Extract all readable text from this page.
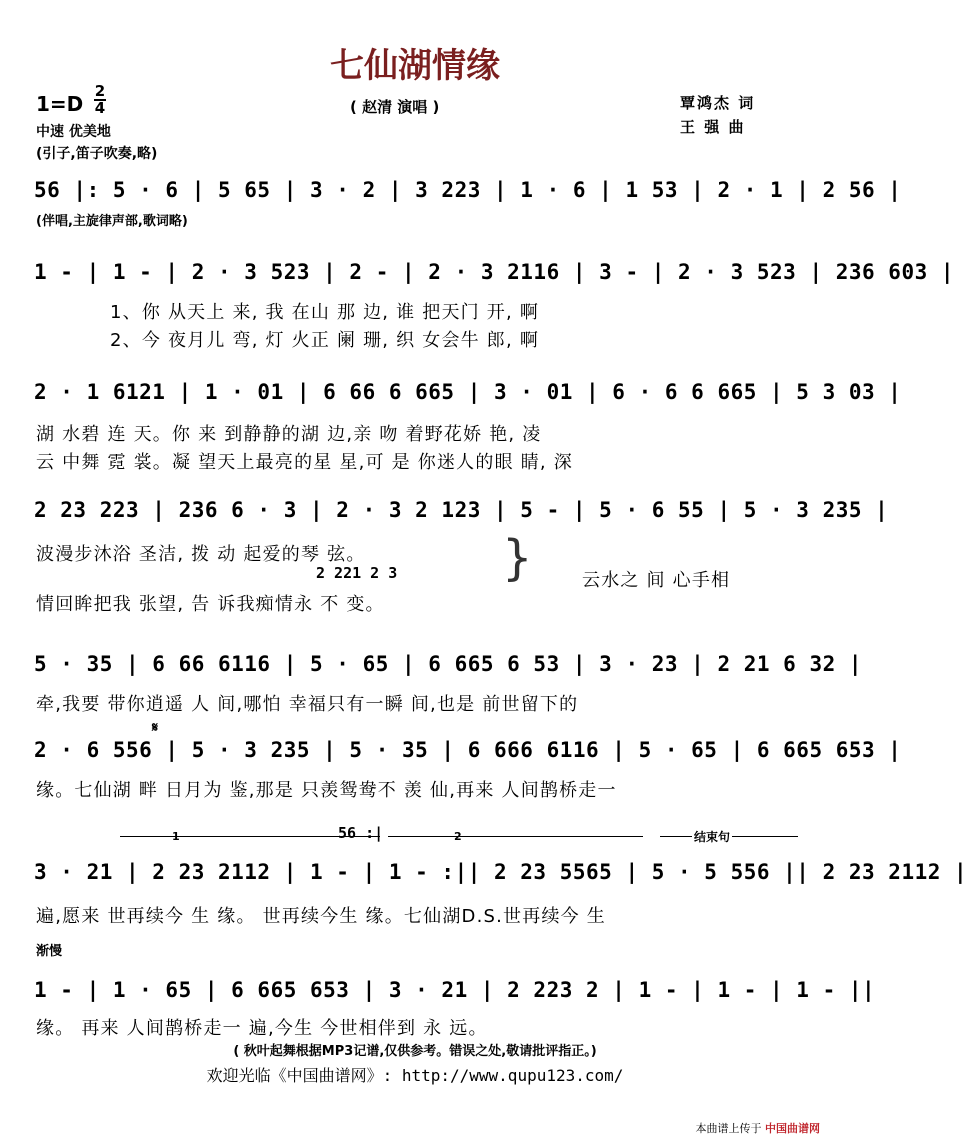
七仙湖情缘
1=D
2
4	( 赵清 演唱 )	覃鸿杰 词
王 强 曲
中速 优美地
(引子,笛子吹奏,略)
56 |: 5 · 6 | 5 65 | 3 · 2 | 3 223 | 1 · 6 | 1 53 | 2 · 1 | 2 56 |
(伴唱,主旋律声部,歌词略)
1 - | 1 - | 2 · 3 523 | 2 - | 2 · 3 2116 | 3 - | 2 · 3 523 | 236 603 |
1、你 从天上 来, 我 在山 那 边, 谁 把天门 开, 啊
2、今 夜月儿 弯, 灯 火正 阑 珊, 织 女会牛 郎, 啊
2 · 1 6121 | 1 · 01 | 6 66 6 665 | 3 · 01 | 6 · 6 6 665 | 5 3 03 |
湖 水碧 连 天。你 来 到静静的湖 边,亲 吻 着野花娇 艳, 凌
云 中舞 霓 裳。凝 望天上最亮的星 星,可 是 你迷人的眼 睛, 深
2 23 223 | 236 6 · 3 | 2 · 3 2 123 | 5 - | 5 · 6 55 | 5 · 3 235 |
波漫步沐浴 圣洁, 拨 动 起爱的琴 弦。
2 221 2 3
情回眸把我 张望, 告 诉我痴情永 不 变。
}	云水之 间 心手相
5 · 35 | 6 66 6116 | 5 · 65 | 6 665 6 53 | 3 · 23 | 2 21 6 32 |
牵,我要 带你逍遥 人 间,哪怕 幸福只有一瞬 间,也是 前世留下的
𝄋
2 · 6 556 | 5 · 3 235 | 5 · 35 | 6 666 6116 | 5 · 65 | 6 665 653 |
缘。七仙湖 畔 日月为 鉴,那是 只羡鸳鸯不 羡 仙,再来 人间鹊桥走一
1	56 :|	2	结束句
3 · 21 | 2 23 2112 | 1 - | 1 - :|| 2 23 5565 | 5 · 5 556 || 2 23 2112 |
遍,愿来 世再续今 生 缘。 世再续今生 缘。七仙湖D.S.世再续今 生
渐慢
1 - | 1 · 65 | 6 665 653 | 3 · 21 | 2 223 2 | 1 - | 1 - | 1 - ||
缘。 再来 人间鹊桥走一 遍,今生 今世相伴到 永 远。
( 秋叶起舞根据MP3记谱,仅供参考。错误之处,敬请批评指正。)
欢迎光临《中国曲谱网》: http://www.qupu123.com/
本曲谱上传于 中国曲谱网
